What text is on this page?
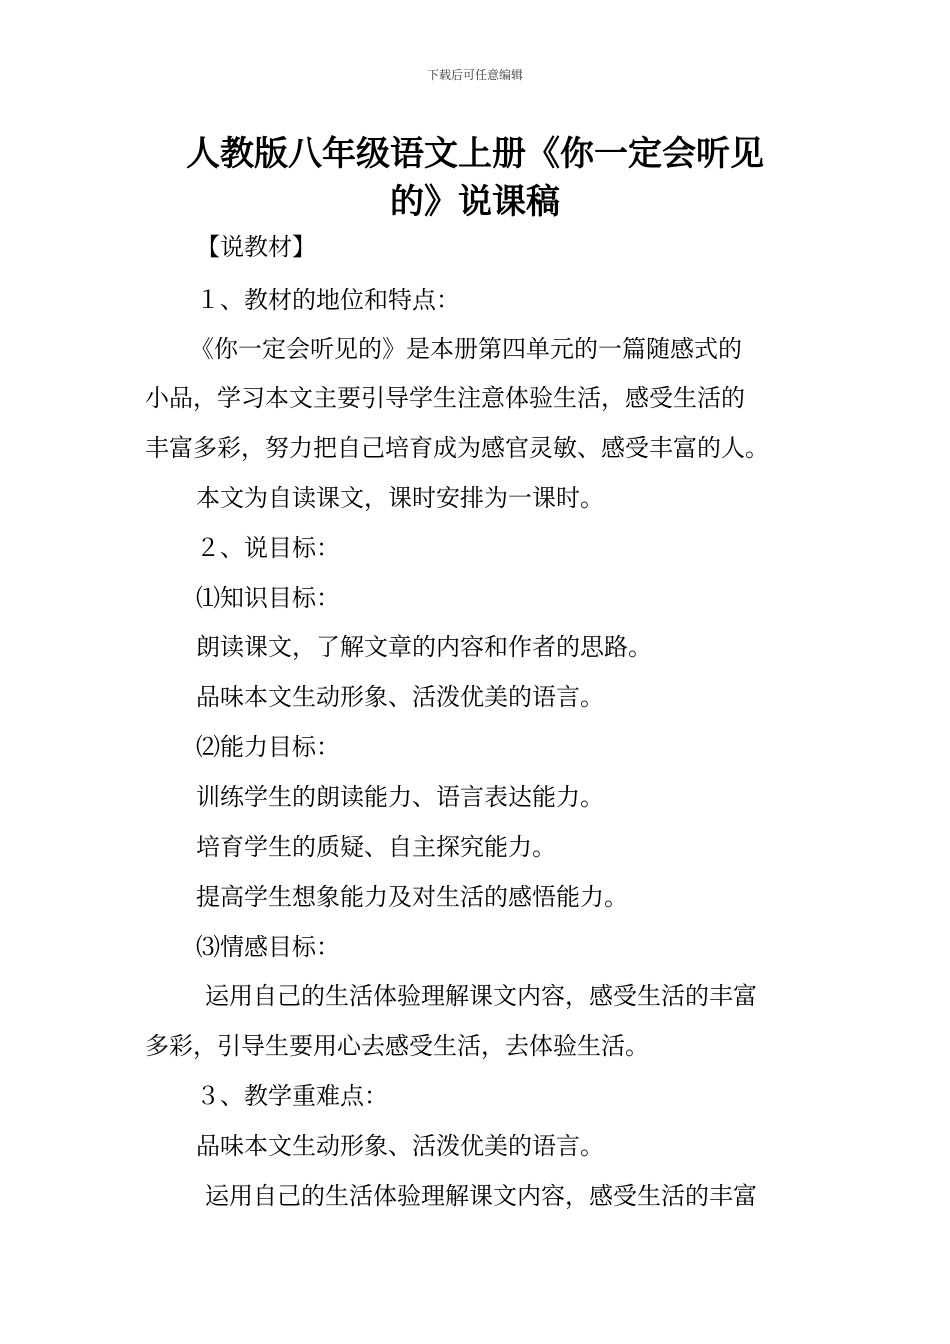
下载后可任意编辑
人教版八年级语文上册《你一定会听见
的》说课稿
【说教材】
１、教材的地位和特点：
《你一定会听见的》是本册第四单元的一篇随感式的
小品，学习本文主要引导学生注意体验生活，感受生活的
丰富多彩，努力把自己培育成为感官灵敏、感受丰富的人。
本文为自读课文，课时安排为一课时。
２、说目标：
⑴知识目标：
朗读课文，了解文章的内容和作者的思路。
品味本文生动形象、活泼优美的语言。
⑵能力目标：
训练学生的朗读能力、语言表达能力。
培育学生的质疑、自主探究能力。
提高学生想象能力及对生活的感悟能力。
⑶情感目标：
运用自己的生活体验理解课文内容，感受生活的丰富
多彩，引导生要用心去感受生活，去体验生活。
３、教学重难点：
品味本文生动形象、活泼优美的语言。
运用自己的生活体验理解课文内容，感受生活的丰富
